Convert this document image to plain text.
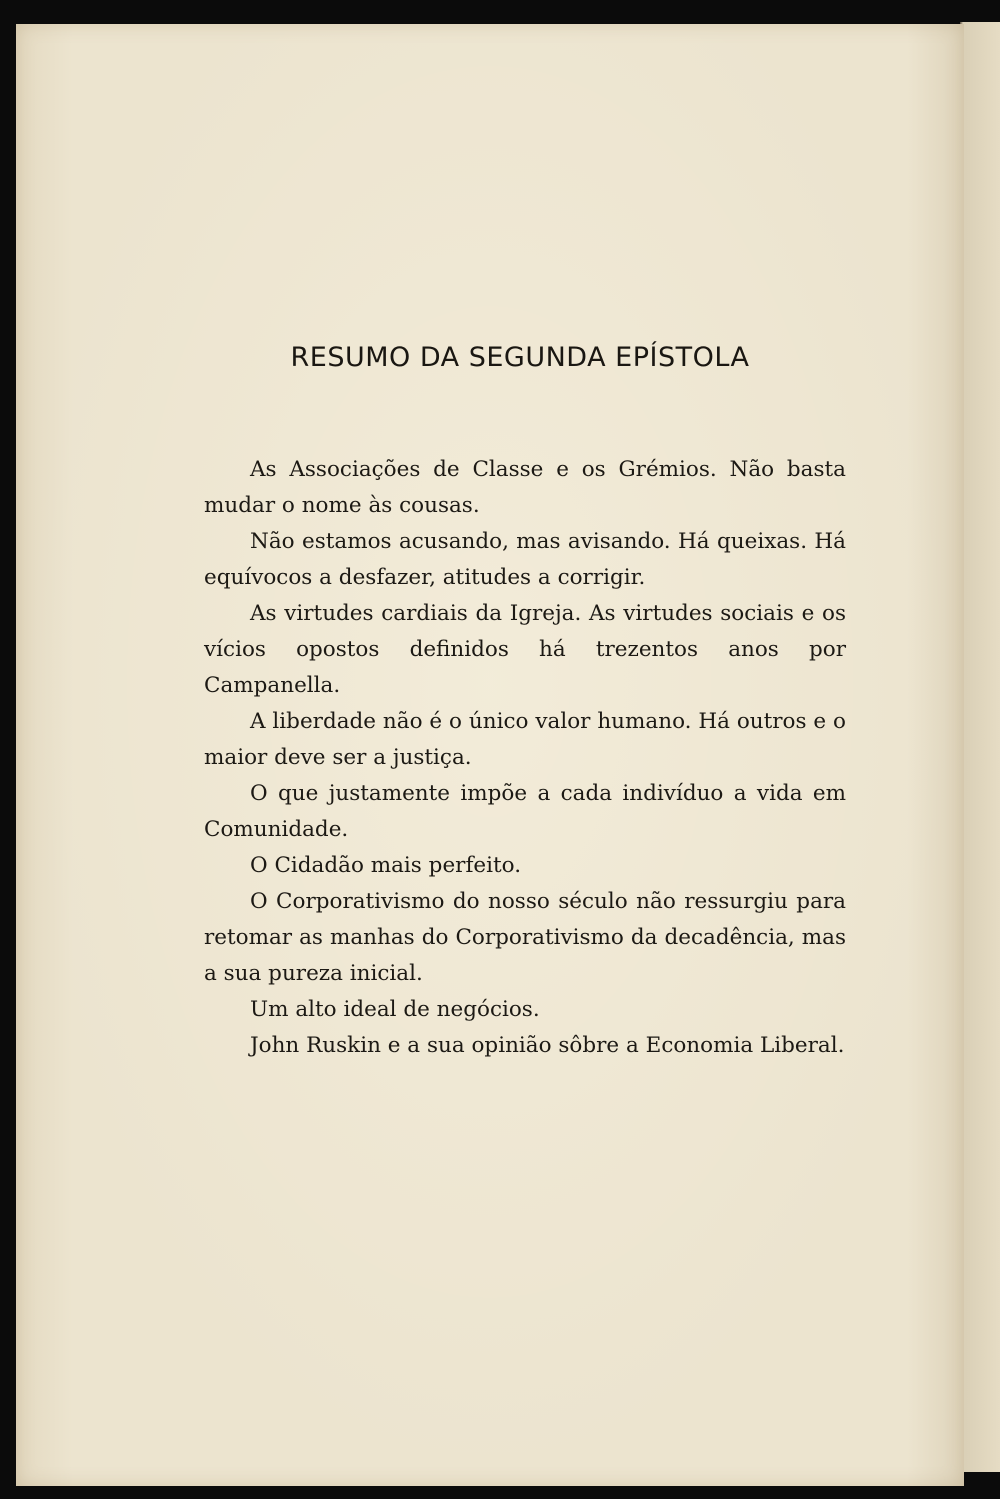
RESUMO DA SEGUNDA EPÍSTOLA

As Associações de Classe e os Grémios. Não basta mudar o nome às cousas.

Não estamos acusando, mas avisando. Há queixas. Há equívocos a desfazer, atitudes a corrigir.

As virtudes cardiais da Igreja. As virtudes sociais e os vícios opostos definidos há trezentos anos por Campanella.

A liberdade não é o único valor humano. Há outros e o maior deve ser a justiça.

O que justamente impõe a cada indivíduo a vida em Comunidade.

O Cidadão mais perfeito.

O Corporativismo do nosso século não ressurgiu para retomar as manhas do Corporativismo da decadência, mas a sua pureza inicial.

Um alto ideal de negócios.

John Ruskin e a sua opinião sôbre a Economia Liberal.
